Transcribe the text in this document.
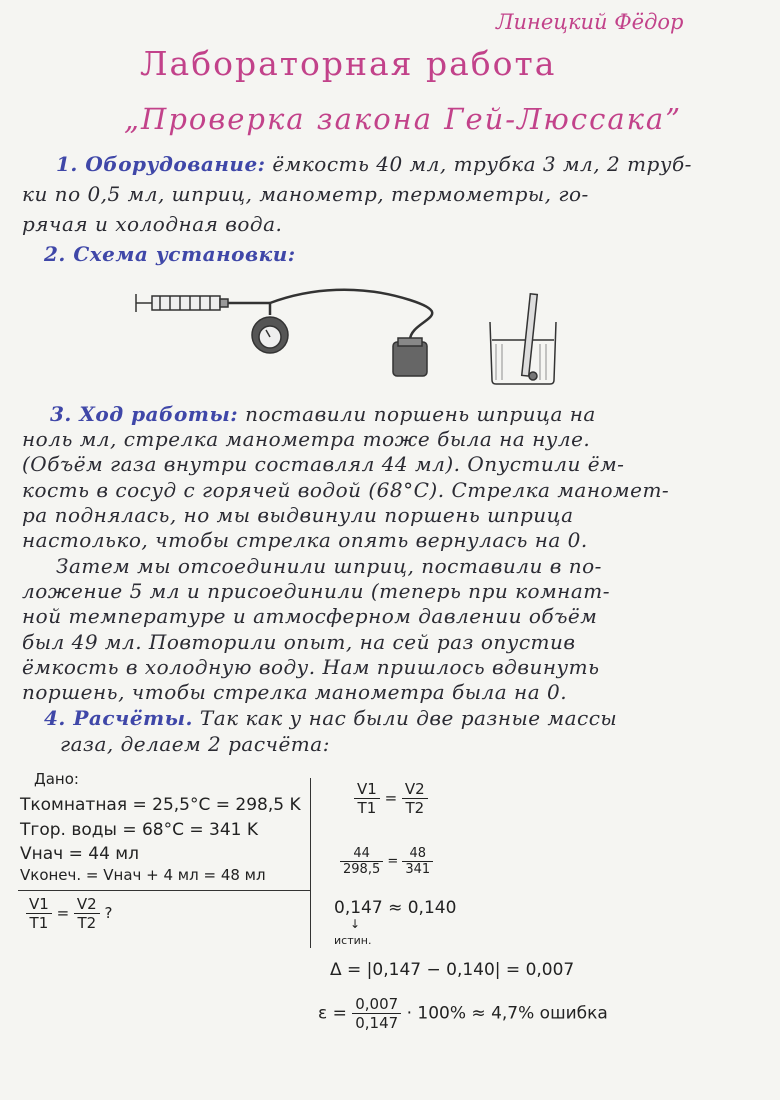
Линецкий Фёдор
Лабораторная работа
„Проверка закона Гей-Люссака”
1. Оборудование: ёмкость 40 мл, трубка 3 мл, 2 труб-
ки по 0,5 мл, шприц, манометр, термометры, го-
рячая и холодная вода.
2. Схема установки:
3. Ход работы: поставили поршень шприца на
ноль мл, стрелка манометра тоже была на нуле.
(Объём газа внутри составлял 44 мл). Опустили ём-
кость в сосуд с горячей водой (68°С). Стрелка маномет-
ра поднялась, но мы выдвинули поршень шприца
настолько, чтобы стрелка опять вернулась на 0.
Затем мы отсоединили шприц, поставили в по-
ложение 5 мл и присоединили (теперь при комнат-
ной температуре и атмосферном давлении объём
был 49 мл. Повторили опыт, на сей раз опустив
ёмкость в холодную воду. Нам пришлось вдвинуть
поршень, чтобы стрелка манометра была на 0.
4. Расчёты. Так как у нас были две разные массы
газа, делаем 2 расчёта:
Дано:
Tкомнатная = 25,5°C = 298,5 K
Tгор. воды = 68°C = 341 K
Vнач = 44 мл
Vконеч. = Vнач + 4 мл = 48 мл
$\frac{V1}{T1} = \frac{V2}{T2}$ ?
$\frac{V1}{T1} = \frac{V2}{T2}$
$\frac{44}{298,5} = \frac{48}{341}$
0,147 ≈ 0,140
↓
истин.
Δ = |0,147 − 0,140| = 0,007
$\varepsilon = \frac{0,007}{0,147} \cdot 100\% \approx 4,7\%$ ошибка
